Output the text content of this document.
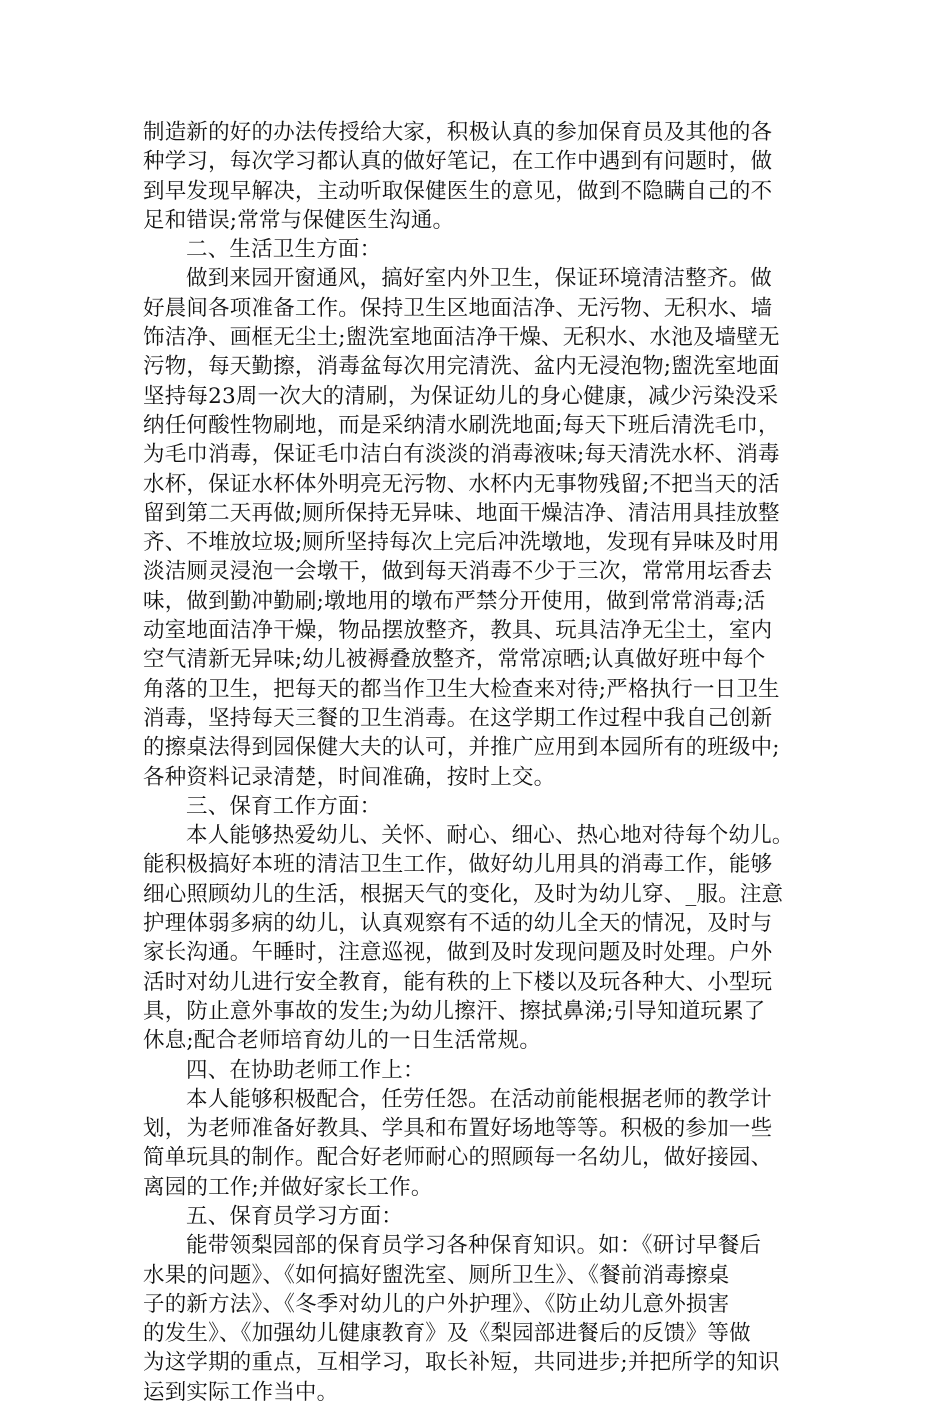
制造新的好的办法传授给大家，积极认真的参加保育员及其他的各
种学习，每次学习都认真的做好笔记，在工作中遇到有问题时，做
到早发现早解决，主动听取保健医生的意见，做到不隐瞒自己的不
足和错误;常常与保健医生沟通。
二、生活卫生方面：
做到来园开窗通风，搞好室内外卫生，保证环境清洁整齐。做
好晨间各项准备工作。保持卫生区地面洁净、无污物、无积水、墙
饰洁净、画框无尘土;盥洗室地面洁净干燥、无积水、水池及墙壁无
污物，每天勤擦，消毒盆每次用完清洗、盆内无浸泡物;盥洗室地面
坚持每23周一次大的清刷，为保证幼儿的身心健康，减少污染没采
纳任何酸性物刷地，而是采纳清水刷洗地面;每天下班后清洗毛巾，
为毛巾消毒，保证毛巾洁白有淡淡的消毒液味;每天清洗水杯、消毒
水杯，保证水杯体外明亮无污物、水杯内无事物残留;不把当天的活
留到第二天再做;厕所保持无异味、地面干燥洁净、清洁用具挂放整
齐、不堆放垃圾;厕所坚持每次上完后冲洗墩地，发现有异味及时用
淡洁厕灵浸泡一会墩干，做到每天消毒不少于三次，常常用坛香去
味，做到勤冲勤刷;墩地用的墩布严禁分开使用，做到常常消毒;活
动室地面洁净干燥，物品摆放整齐，教具、玩具洁净无尘土，室内
空气清新无异味;幼儿被褥叠放整齐，常常凉晒;认真做好班中每个
角落的卫生，把每天的都当作卫生大检查来对待;严格执行一日卫生
消毒，坚持每天三餐的卫生消毒。在这学期工作过程中我自己创新
的擦桌法得到园保健大夫的认可，并推广应用到本园所有的班级中;
各种资料记录清楚，时间准确，按时上交。
三、保育工作方面：
本人能够热爱幼儿、关怀、耐心、细心、热心地对待每个幼儿。
能积极搞好本班的清洁卫生工作，做好幼儿用具的消毒工作，能够
细心照顾幼儿的生活，根据天气的变化，及时为幼儿穿、_服。注意
护理体弱多病的幼儿，认真观察有不适的幼儿全天的情况，及时与
家长沟通。午睡时，注意巡视，做到及时发现问题及时处理。户外
活时对幼儿进行安全教育，能有秩的上下楼以及玩各种大、小型玩
具，防止意外事故的发生;为幼儿擦汗、擦拭鼻涕;引导知道玩累了
休息;配合老师培育幼儿的一日生活常规。
四、在协助老师工作上：
本人能够积极配合，任劳任怨。在活动前能根据老师的教学计
划，为老师准备好教具、学具和布置好场地等等。积极的参加一些
简单玩具的制作。配合好老师耐心的照顾每一名幼儿，做好接园、
离园的工作;并做好家长工作。
五、保育员学习方面：
能带领梨园部的保育员学习各种保育知识。如：《研讨早餐后
水果的问题》、《如何搞好盥洗室、厕所卫生》、《餐前消毒擦桌
子的新方法》、《冬季对幼儿的户外护理》、《防止幼儿意外损害
的发生》、《加强幼儿健康教育》及《梨园部进餐后的反馈》等做
为这学期的重点，互相学习，取长补短，共同进步;并把所学的知识
运到实际工作当中。
